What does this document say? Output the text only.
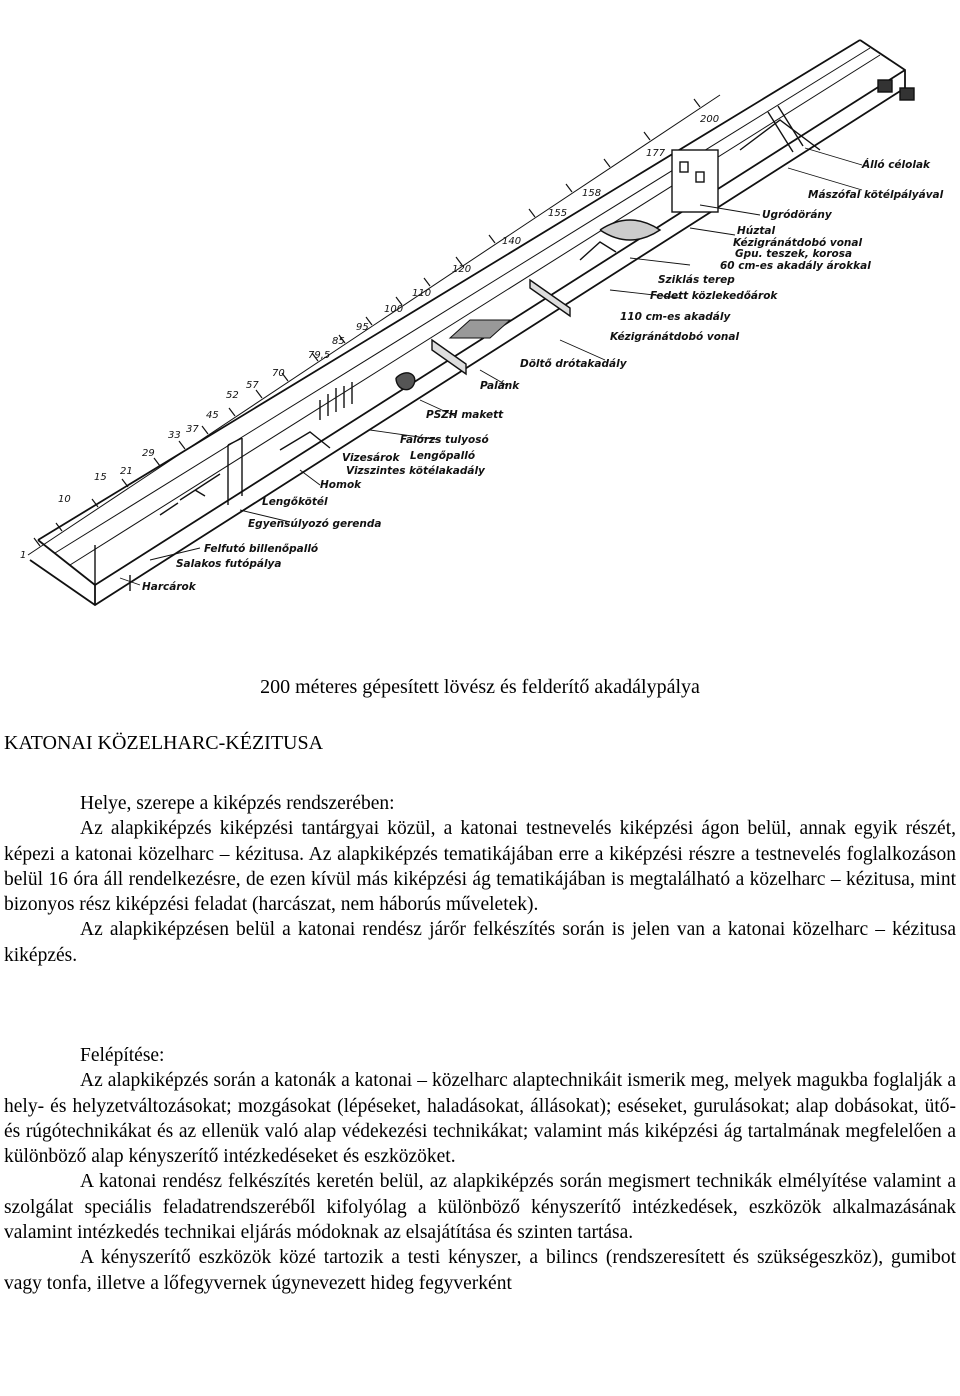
1
10
15
21
29
33
37
45
52
57
70
79,5
85
95
100
110
120
140
155
158
177
200
Álló célolak
Mászófal kötélpályával
Ugródörány
Húztal
Kézigránátdobó vonal
Gpu. teszek, korosa
60 cm-es akadály árokkal
Sziklás terep
Fedett közlekedőárok
110 cm-es akadály
Kézigránátdobó vonal
Döltő drótakadály
Palánk
PSZH makett
Falórzs tulyosó
Vizesárok Lengőpalló
Vizszintes kötélakadály
Homok
Lengőkötél
Egyensúlyozó gerenda
Felfutó billenőpalló
Salakos futópálya
Harcárok
200 méteres gépesített lövész és felderítő akadálypálya
KATONAI KÖZELHARC-KÉZITUSA
Helye, szerepe a kiképzés rendszerében:

Az alapkiképzés kiképzési tantárgyai közül, a katonai testnevelés kiképzési ágon belül, annak egyik részét, képezi a katonai közelharc – kézitusa. Az alapkiképzés tematikájában erre a kiképzési részre a testnevelés foglalkozáson belül 16 óra áll rendelkezésre, de ezen kívül más kiképzési ág tematikájában is megtalálható a közelharc – kézitusa, mint bizonyos rész kiképzési feladat (harcászat, nem háborús műveletek).

Az alapkiképzésen belül a katonai rendész járőr felkészítés során is jelen van a katonai közelharc – kézitusa kiképzés.

Felépítése:

Az alapkiképzés során a katonák a katonai – közelharc alaptechnikáit ismerik meg, melyek magukba foglalják a hely- és helyzetváltozásokat; mozgásokat (lépéseket, haladásokat, állásokat); eséseket, gurulásokat; alap dobásokat, ütő- és rúgótechnikákat és az ellenük való alap védekezési technikákat; valamint más kiképzési ág tartalmának megfelelően a különböző alap kényszerítő intézkedéseket és eszközöket.

A katonai rendész felkészítés keretén belül, az alapkiképzés során megismert technikák elmélyítése valamint a szolgálat speciális feladatrendszeréből kifolyólag a különböző kényszerítő intézkedések, eszközök alkalmazásának valamint intézkedés technikai eljárás módoknak az elsajátítása és szinten tartása.

A kényszerítő eszközök közé tartozik a testi kényszer, a bilincs (rendszeresített és szükségeszköz), gumibot vagy tonfa, illetve a lőfegyvernek úgynevezett hideg fegyverként
